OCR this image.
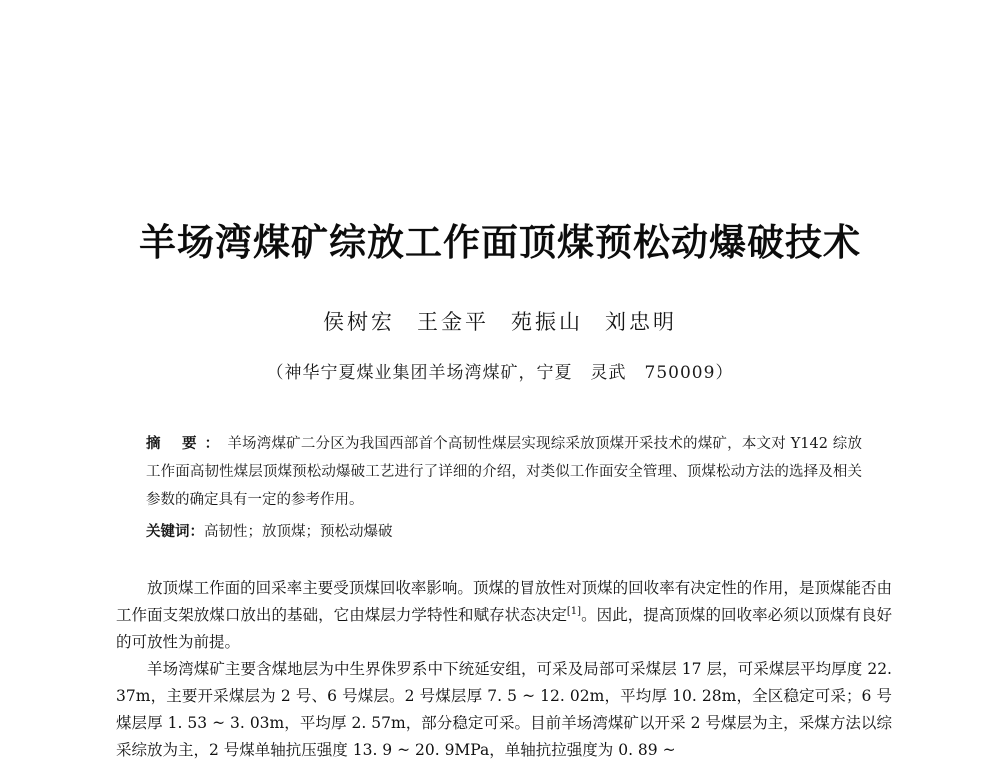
羊场湾煤矿综放工作面顶煤预松动爆破技术
侯树宏 王金平 苑振山 刘忠明
（神华宁夏煤业集团羊场湾煤矿，宁夏　灵武　750009）
摘 要：羊场湾煤矿二分区为我国西部首个高韧性煤层实现综采放顶煤开采技术的煤矿，本文对 Y142 综放工作面高韧性煤层顶煤预松动爆破工艺进行了详细的介绍，对类似工作面安全管理、顶煤松动方法的选择及相关参数的确定具有一定的参考作用。
关键词：高韧性；放顶煤；预松动爆破

放顶煤工作面的回采率主要受顶煤回收率影响。顶煤的冒放性对顶煤的回收率有决定性的作用，是顶煤能否由工作面支架放煤口放出的基础，它由煤层力学特性和赋存状态决定[1]。因此，提高顶煤的回收率必须以顶煤有良好的可放性为前提。

羊场湾煤矿主要含煤地层为中生界侏罗系中下统延安组，可采及局部可采煤层 17 层，可采煤层平均厚度 22. 37m，主要开采煤层为 2 号、6 号煤层。2 号煤层厚 7. 5 ~ 12. 02m，平均厚 10. 28m，全区稳定可采；6 号煤层厚 1. 53 ~ 3. 03m，平均厚 2. 57m，部分稳定可采。目前羊场湾煤矿以开采 2 号煤层为主，采煤方法以综采综放为主，2 号煤单轴抗压强度 13. 9 ~ 20. 9MPa，单轴抗拉强度为 0. 89 ~
